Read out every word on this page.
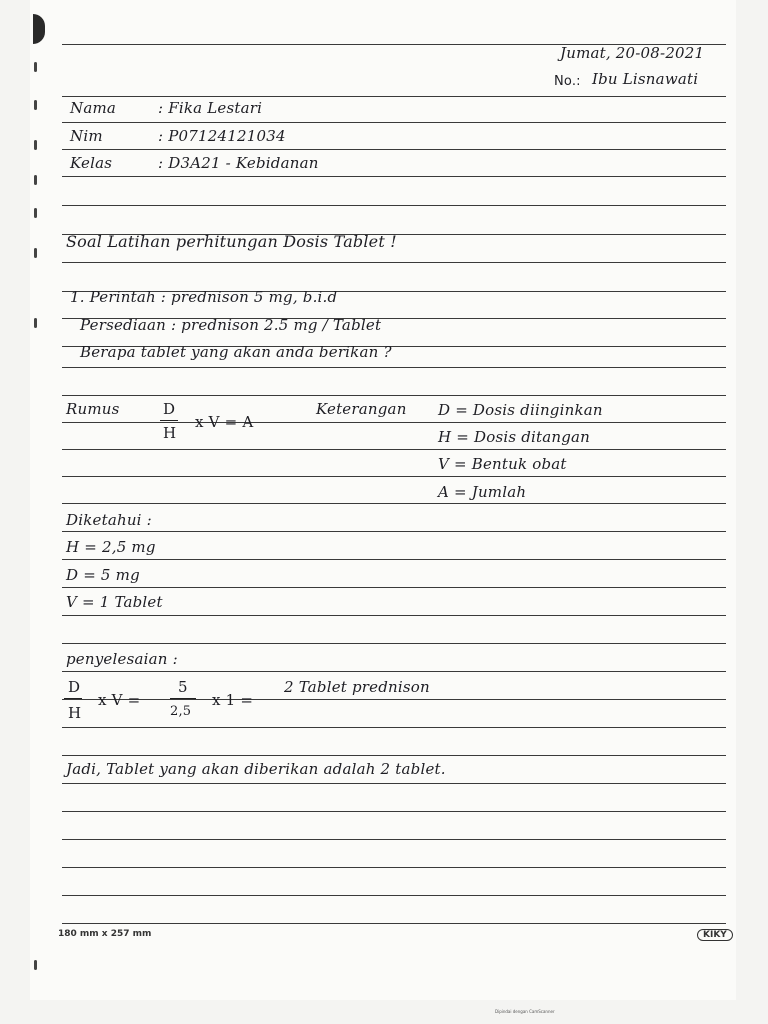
Jumat, 20-08-2021
No.: Ibu Lisnawati
Nama	: Fika Lestari
Nim	: P07124121034
Kelas	: D3A21 - Kebidanan
Soal Latihan perhitungan Dosis Tablet !
1. Perintah : prednison 5 mg, b.i.d
Persediaan : prednison 2.5 mg / Tablet
Berapa tablet yang akan anda berikan ?
Rumus	D
H
x V = A
Keterangan D = Dosis diinginkan
H = Dosis ditangan
V = Bentuk obat
A = Jumlah
Diketahui :
H = 2,5 mg
D = 5 mg
V = 1 Tablet
penyelesaian :
D
H
x V =
5
2,5
x 1 =
2 Tablet prednison
Jadi, Tablet yang akan diberikan adalah 2 tablet.
180 mm x 257 mm	KIKY
Dipindai dengan CamScanner
